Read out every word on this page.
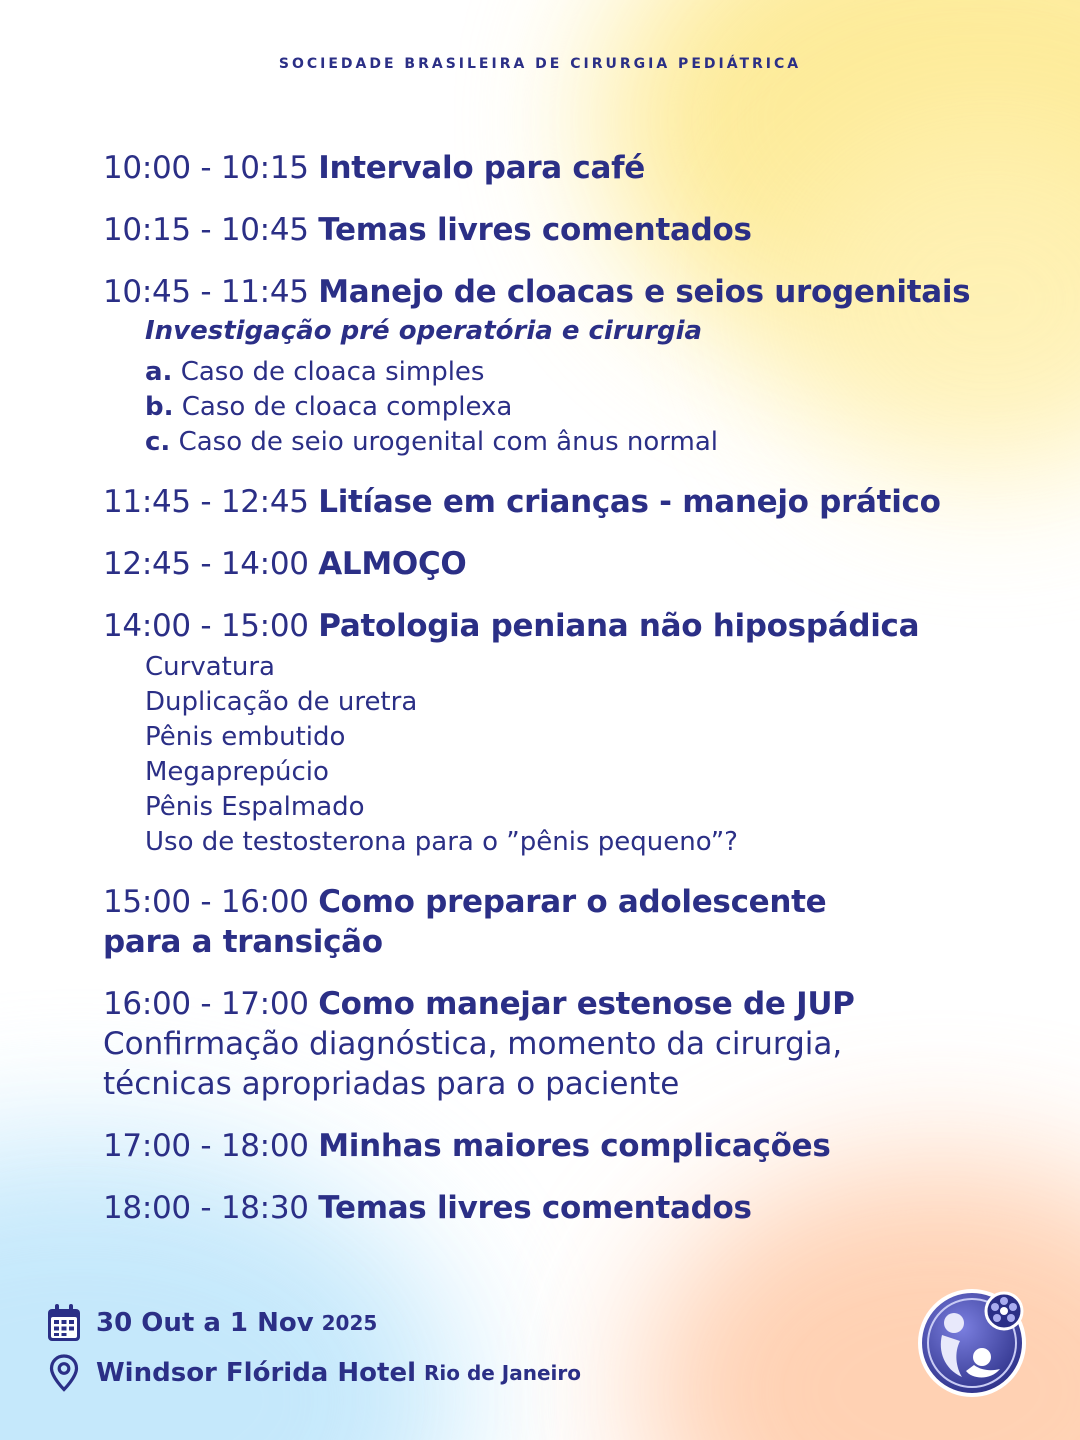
SOCIEDADE BRASILEIRA DE CIRURGIA PEDIÁTRICA
10:00 - 10:15 Intervalo para café
10:15 - 10:45 Temas livres comentados
10:45 - 11:45 Manejo de cloacas e seios urogenitais
Investigação pré operatória e cirurgia
a. Caso de cloaca simples
b. Caso de cloaca complexa
c. Caso de seio urogenital com ânus normal
11:45 - 12:45 Litíase em crianças - manejo prático
12:45 - 14:00 ALMOÇO
14:00 - 15:00 Patologia peniana não hipospádica
Curvatura
Duplicação de uretra
Pênis embutido
Megaprepúcio
Pênis Espalmado
Uso de testosterona para o ”pênis pequeno”?
15:00 - 16:00 Como preparar o adolescente
para a transição
16:00 - 17:00 Como manejar estenose de JUP
Confirmação diagnóstica, momento da cirurgia,
técnicas apropriadas para o paciente
17:00 - 18:00 Minhas maiores complicações
18:00 - 18:30 Temas livres comentados
30 Out a 1 Nov 2025
Windsor Flórida Hotel Rio de Janeiro
